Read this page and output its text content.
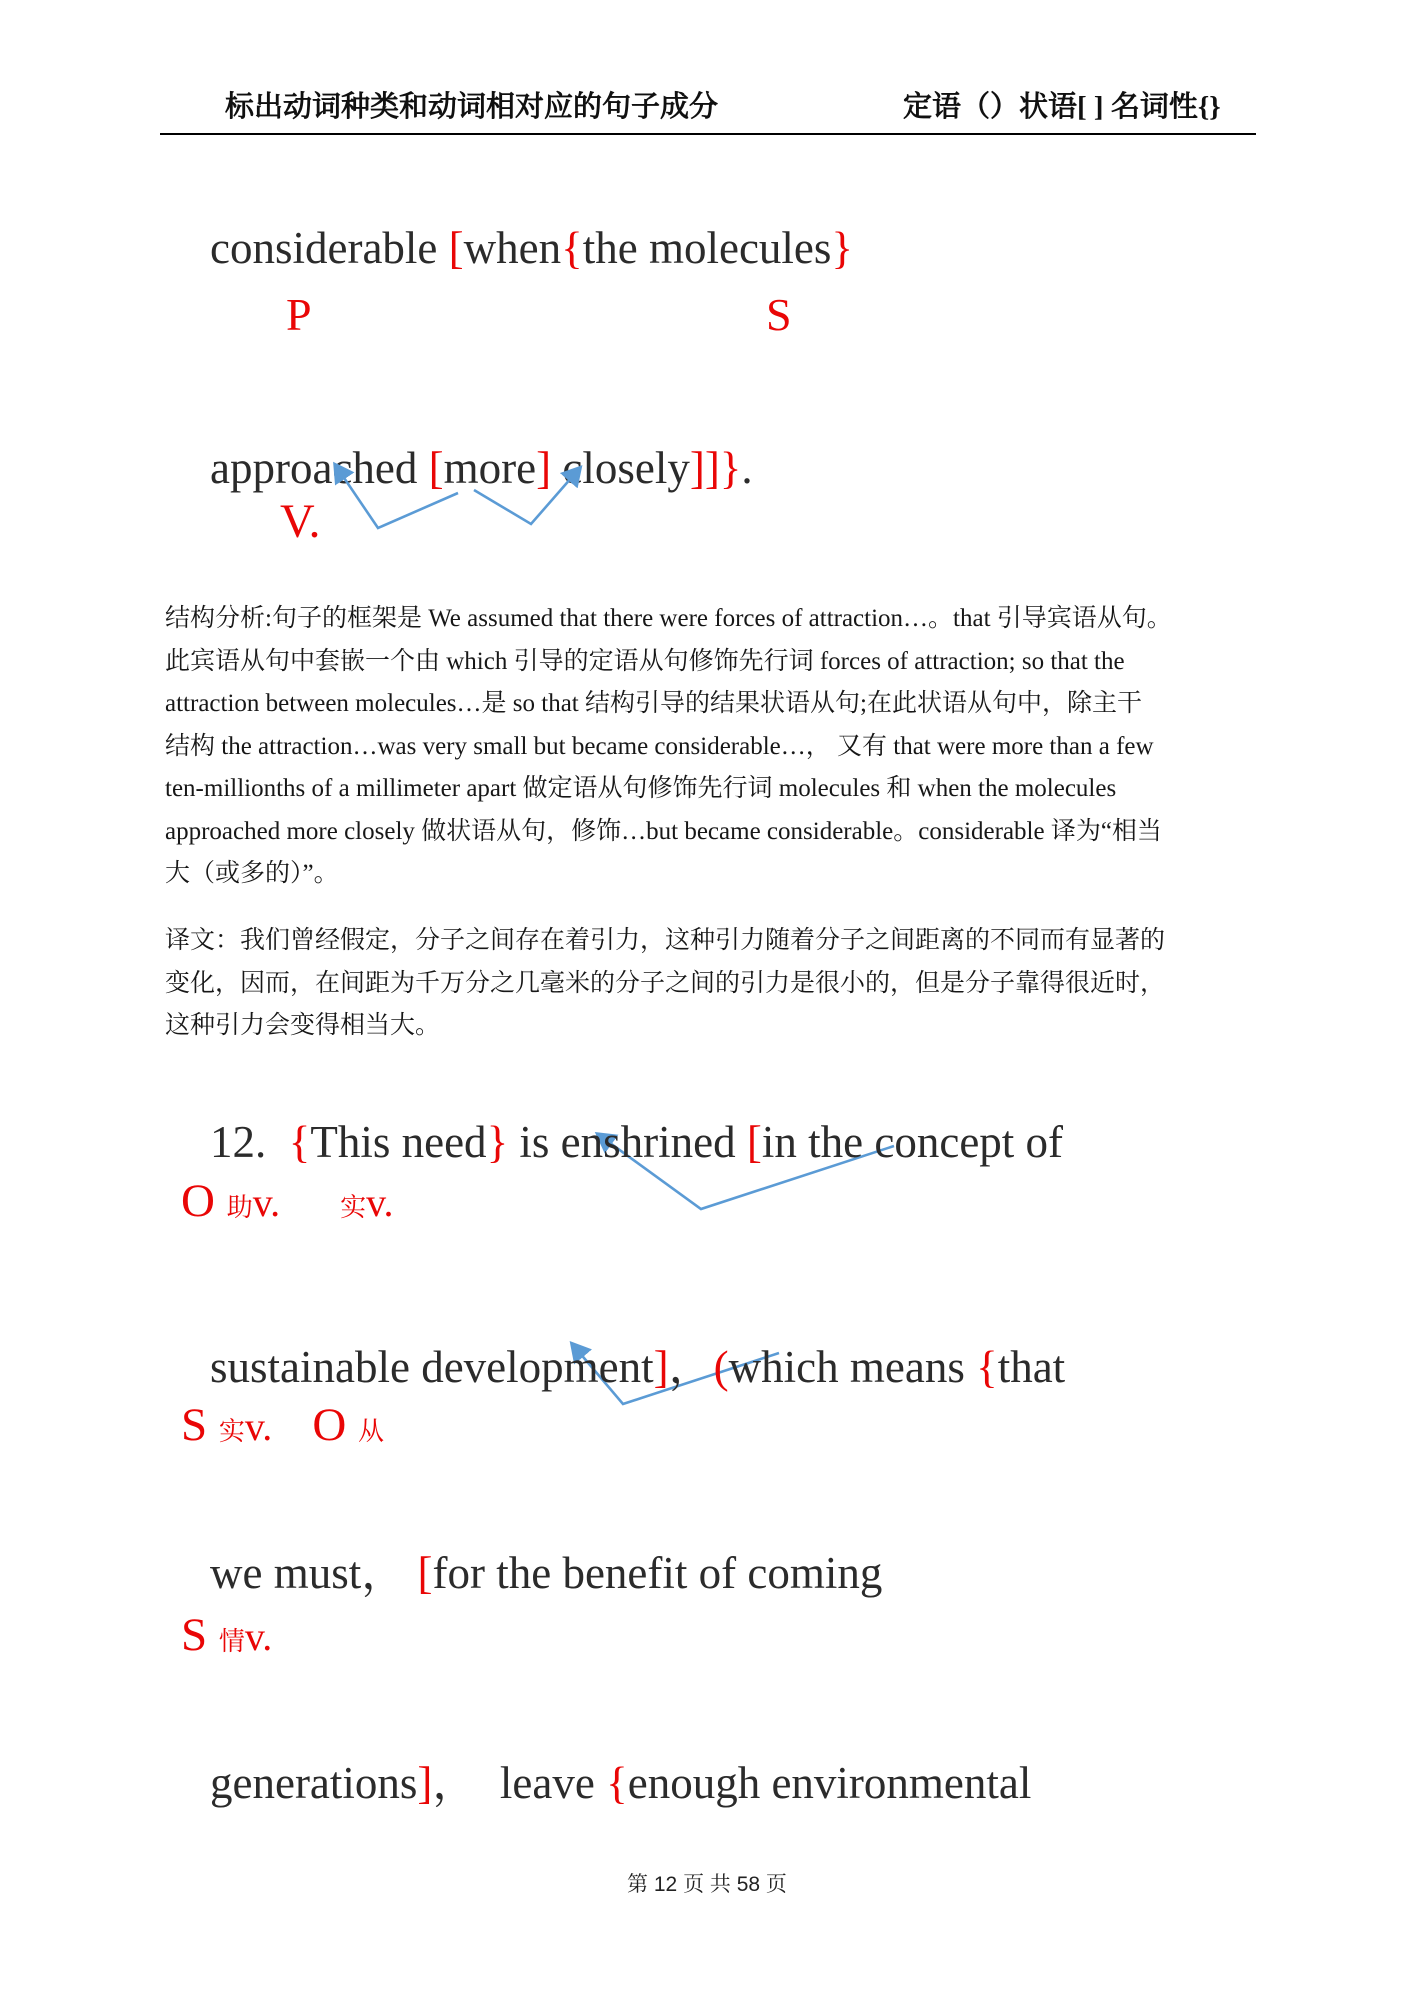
标出动词种类和动词相对应的句子成分	定语（）状语[ ] 名词性{}

considerable [when{the molecules}

P	S

approached [more] closely]]}.

V.
结构分析:句子的框架是 We assumed that there were forces of attraction…。that 引导宾语从句。
此宾语从句中套嵌一个由 which 引导的定语从句修饰先行词 forces of attraction; so that the
attraction between molecules…是 so that 结构引导的结果状语从句;在此状语从句中，除主干
结构 the attraction…was very small but became considerable…， 又有 that were more than a few
ten-millionths of a millimeter apart 做定语从句修饰先行词 molecules 和 when the molecules
approached more closely 做状语从句，修饰…but became considerable。considerable 译为“相当
大（或多的）”。
译文：我们曾经假定，分子之间存在着引力，这种引力随着分子之间距离的不同而有显著的
变化，因而，在间距为千万分之几毫米的分子之间的引力是很小的，但是分子靠得很近时，
这种引力会变得相当大。

12.  {This need} is enshrined [in the concept of

O 助v. 实v.

sustainable development]，(which means {that

S 实v. O 从

we must， [for the benefit of coming

S 情v.

generations]，  leave {enough environmental

第 12 页 共 58 页
